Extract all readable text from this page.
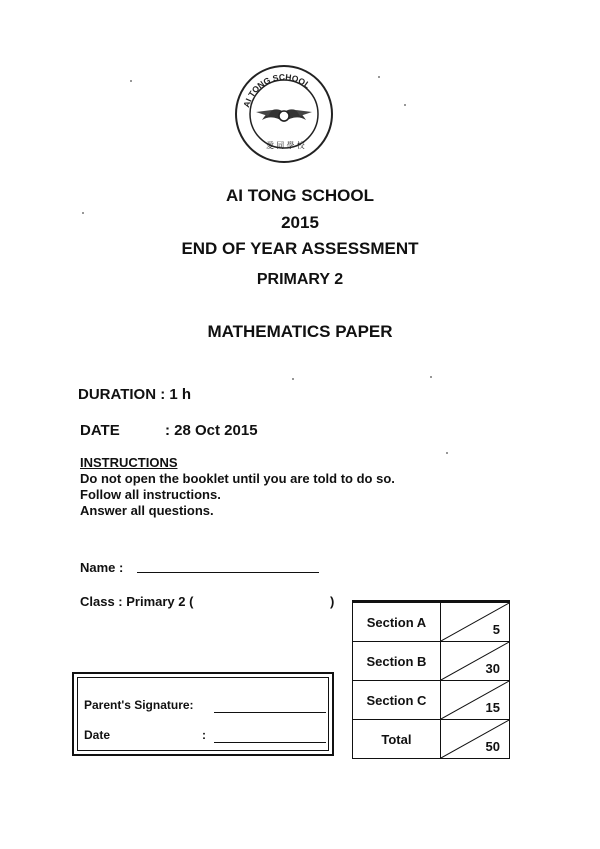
愛 同 學 校
AI TONG SCHOOL
AI TONG SCHOOL
2015
END OF YEAR ASSESSMENT
PRIMARY 2
MATHEMATICS PAPER
DURATION : 1 h
DATE	: 28 Oct 2015
INSTRUCTIONS
Do not open the booklet until you are told to do so.
Follow all instructions.
Answer all questions.
Name :
Class : Primary 2 (	)
Parent's Signature:
Date	:
Section A	5

Section B	30

Section C	15

Total	50
